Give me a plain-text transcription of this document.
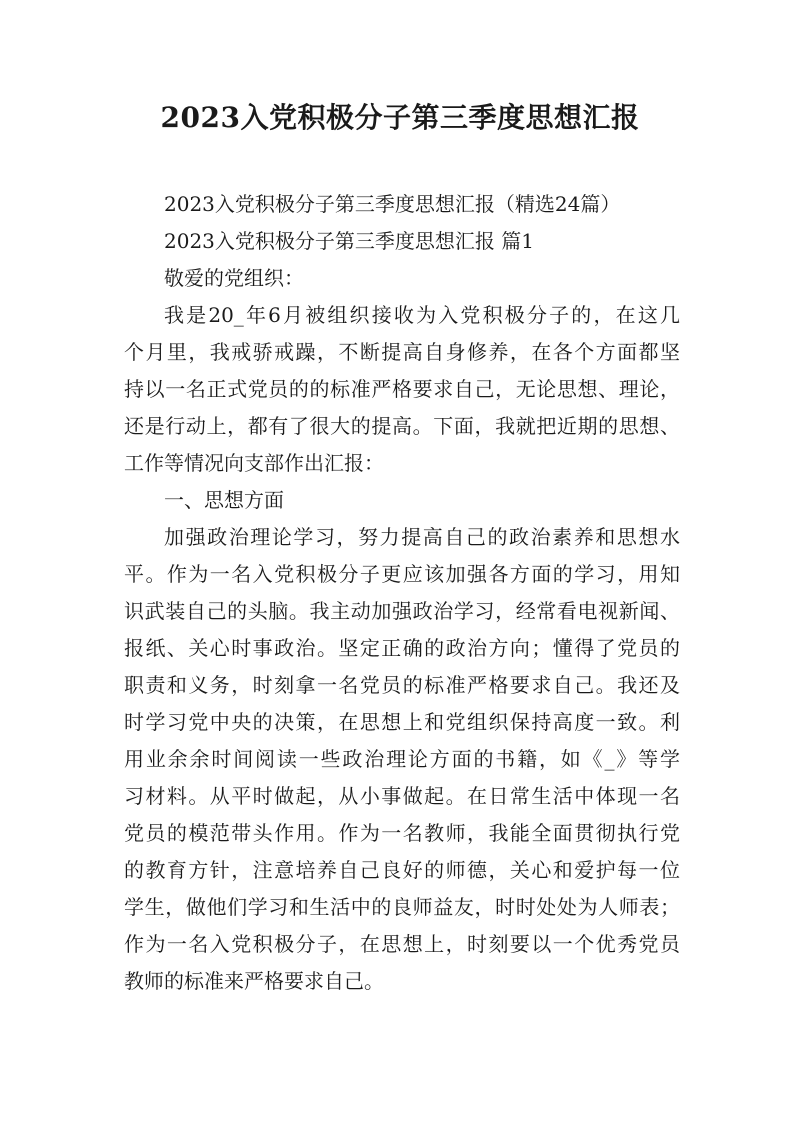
2023入党积极分子第三季度思想汇报

2023入党积极分子第三季度思想汇报（精选24篇）

2023入党积极分子第三季度思想汇报 篇1

敬爱的党组织：

我是20_年6月被组织接收为入党积极分子的，在这几

个月里，我戒骄戒躁，不断提高自身修养，在各个方面都坚

持以一名正式党员的的标准严格要求自己，无论思想、理论，

还是行动上，都有了很大的提高。下面，我就把近期的思想、

工作等情况向支部作出汇报：

一、思想方面

加强政治理论学习，努力提高自己的政治素养和思想水

平。作为一名入党积极分子更应该加强各方面的学习，用知

识武装自己的头脑。我主动加强政治学习，经常看电视新闻、

报纸、关心时事政治。坚定正确的政治方向；懂得了党员的

职责和义务，时刻拿一名党员的标准严格要求自己。我还及

时学习党中央的决策，在思想上和党组织保持高度一致。利

用业余余时间阅读一些政治理论方面的书籍，如《_》等学

习材料。从平时做起，从小事做起。在日常生活中体现一名

党员的模范带头作用。作为一名教师，我能全面贯彻执行党

的教育方针，注意培养自己良好的师德，关心和爱护每一位

学生，做他们学习和生活中的良师益友，时时处处为人师表；

作为一名入党积极分子，在思想上，时刻要以一个优秀党员

教师的标准来严格要求自己。
